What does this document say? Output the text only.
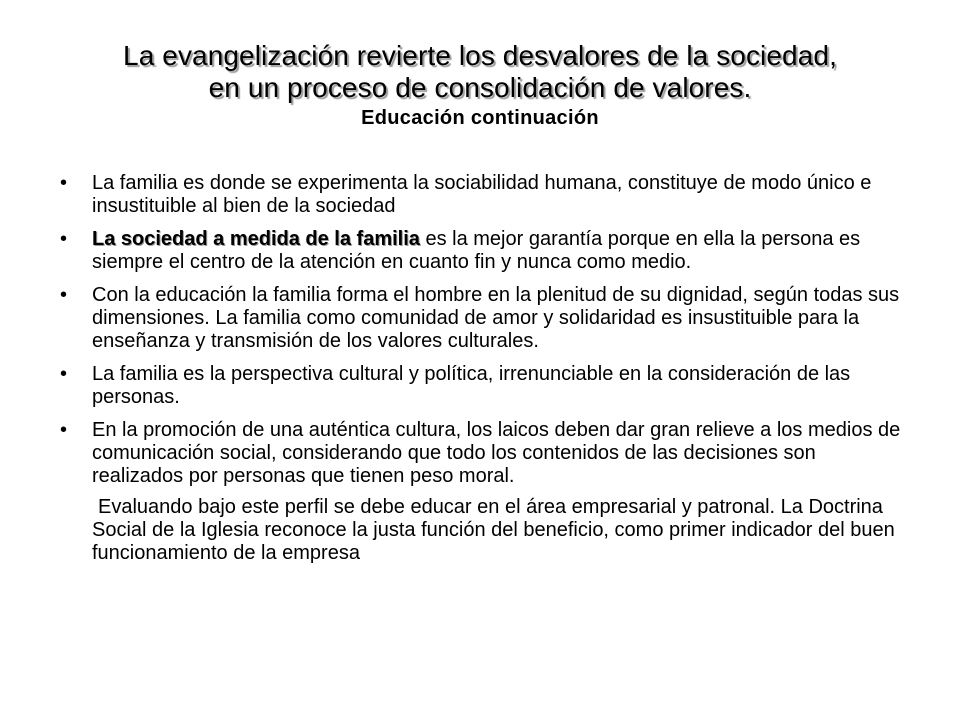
La evangelización revierte los desvalores de la sociedad,
en un proceso de consolidación de valores.
Educación continuación
•	La familia es donde se experimenta la sociabilidad humana, constituye de modo único e insustituible al bien de la sociedad
•	La sociedad a medida de la familia es la mejor garantía porque en ella la persona es siempre el centro de la atención en cuanto fin y nunca como medio.
•	Con la educación la familia forma el hombre en la plenitud de su dignidad, según todas sus dimensiones. La familia como comunidad de amor y solidaridad es insustituible para la enseñanza y transmisión de los valores culturales.
•	La familia es la perspectiva cultural y política, irrenunciable en la consideración de las personas.
•	En la promoción de una auténtica cultura, los laicos deben dar gran relieve a los medios de comunicación social, considerando que todo los contenidos de las decisiones son realizados por personas que tienen peso moral.
Evaluando bajo este perfil se debe educar en el área empresarial y patronal. La Doctrina Social de la Iglesia reconoce la justa función del beneficio, como primer indicador del buen funcionamiento de la empresa
